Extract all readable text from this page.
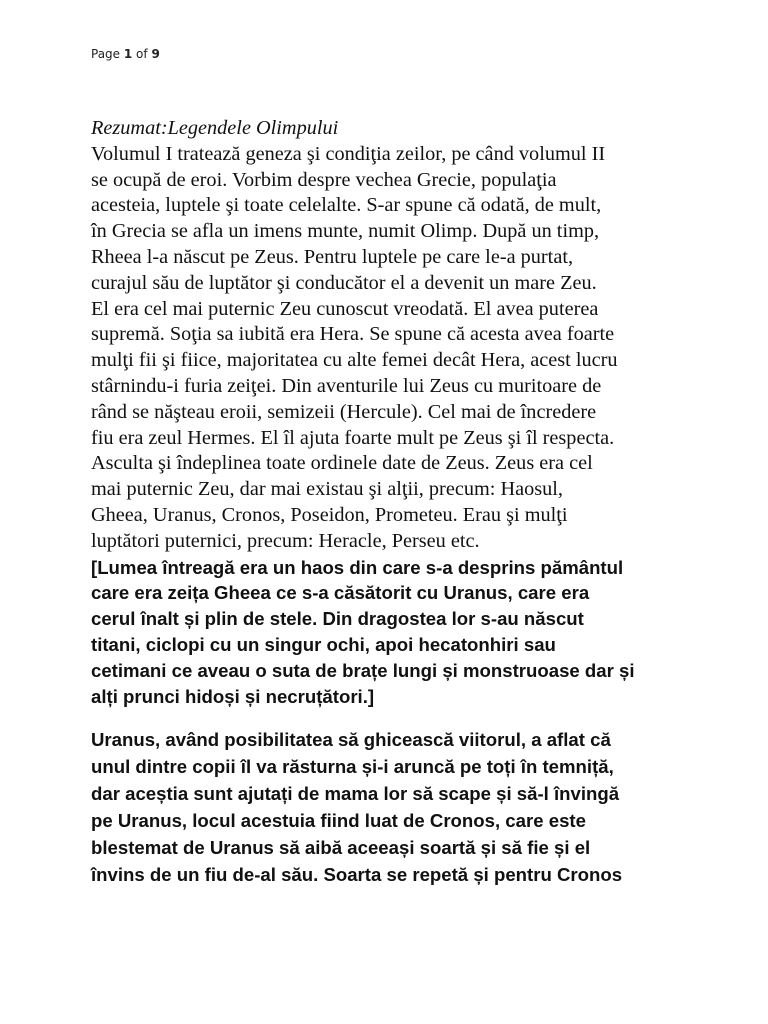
Page 1 of 9

Rezumat:Legendele Olimpului

Volumul I tratează geneza şi condiţia zeilor, pe când volumul II
se ocupă de eroi. Vorbim despre vechea Grecie, populaţia
acesteia, luptele şi toate celelalte. S-ar spune că odată, de mult,
în Grecia se afla un imens munte, numit Olimp. După un timp,
Rheea l-a născut pe Zeus. Pentru luptele pe care le-a purtat,
curajul său de luptător şi conducător el a devenit un mare Zeu.
El era cel mai puternic Zeu cunoscut vreodată. El avea puterea
supremă. Soţia sa iubită era Hera. Se spune că acesta avea foarte
mulţi fii şi fiice, majoritatea cu alte femei decât Hera, acest lucru
stârnindu-i furia zeiţei. Din aventurile lui Zeus cu muritoare de
rând se năşteau eroii, semizeii (Hercule). Cel mai de încredere
fiu era zeul Hermes. El îl ajuta foarte mult pe Zeus şi îl respecta.
Asculta şi îndeplinea toate ordinele date de Zeus. Zeus era cel
mai puternic Zeu, dar mai existau şi alţii, precum: Haosul,
Gheea, Uranus, Cronos, Poseidon, Prometeu. Erau şi mulţi
luptători puternici, precum: Heracle, Perseu etc.

[Lumea întreagă era un haos din care s-a desprins pământul
care era zeița Gheea ce s-a căsătorit cu Uranus, care era
cerul înalt și plin de stele. Din dragostea lor s-au născut
titani, ciclopi cu un singur ochi, apoi hecatonhiri sau
cetimani ce aveau o suta de brațe lungi și monstruoase dar și
alți prunci hidoși și necruțători.]

Uranus, având posibilitatea să ghicească viitorul, a aflat că
unul dintre copii îl va răsturna și-i aruncă pe toți în temniță,
dar aceștia sunt ajutați de mama lor să scape și să-l învingă
pe Uranus, locul acestuia fiind luat de Cronos, care este
blestemat de Uranus să aibă aceeași soartă și să fie și el
învins de un fiu de-al său. Soarta se repetă și pentru Cronos
